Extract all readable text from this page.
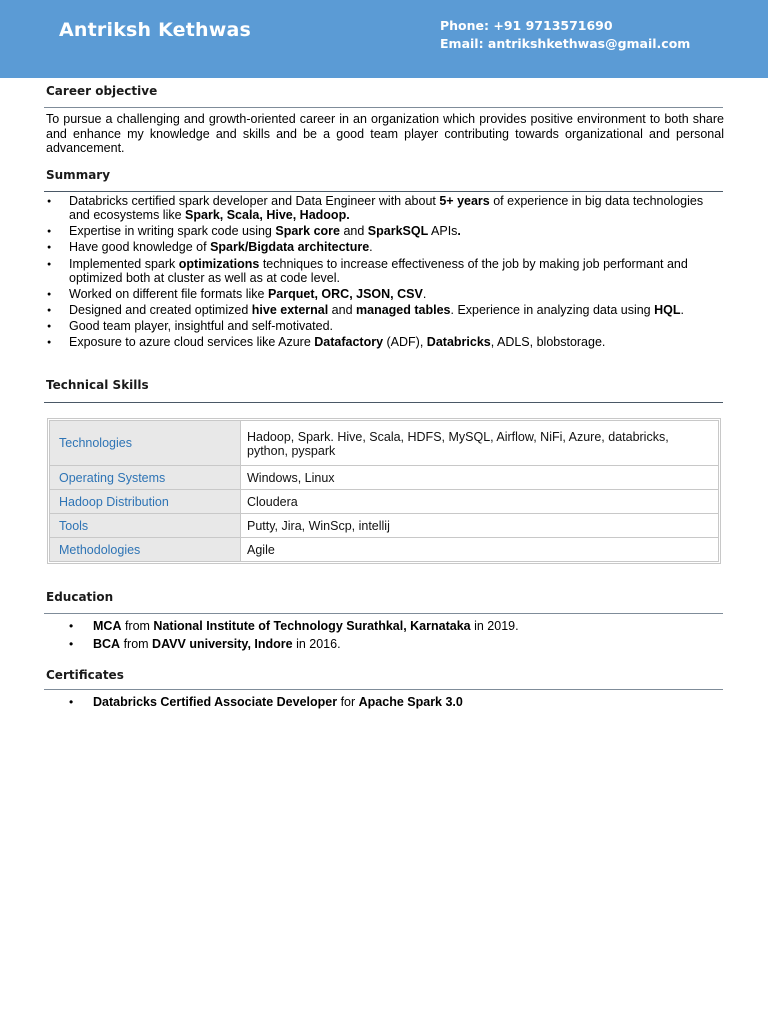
Antriksh Kethwas	Phone: +91 9713571690
Email: antrikshkethwas@gmail.com
Career objective
To pursue a challenging and growth-oriented career in an organization which provides positive environment to both share and enhance my knowledge and skills and be a good team player contributing towards organizational and personal advancement.
Summary
● Databricks certified spark developer and Data Engineer with about 5+ years of experience in big data technologies and ecosystems like Spark, Scala, Hive, Hadoop.
● Expertise in writing spark code using Spark core and SparkSQL APIs.
● Have good knowledge of Spark/Bigdata architecture.
● Implemented spark optimizations techniques to increase effectiveness of the job by making job performant and optimized both at cluster as well as at code level.
● Worked on different file formats like Parquet, ORC, JSON, CSV.
● Designed and created optimized hive external and managed tables. Experience in analyzing data using HQL.
● Good team player, insightful and self-motivated.
● Exposure to azure cloud services like Azure Datafactory (ADF), Databricks, ADLS, blobstorage.
Technical Skills
Technologies	Hadoop, Spark. Hive, Scala, HDFS, MySQL, Airflow, NiFi, Azure, databricks, python, pyspark
Operating Systems	Windows, Linux
Hadoop Distribution	Cloudera
Tools	Putty, Jira, WinScp, intellij
Methodologies	Agile
Education
• MCA from National Institute of Technology Surathkal, Karnataka in 2019.
• BCA from DAVV university, Indore in 2016.
Certificates
• Databricks Certified Associate Developer for Apache Spark 3.0
